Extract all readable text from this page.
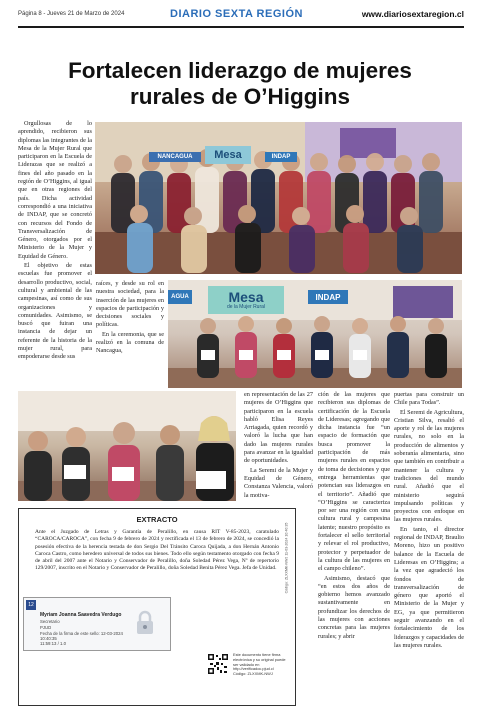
Página 8 - Jueves 21 de Marzo de 2024	DIARIO SEXTA REGIÓN	www.diariosextaregion.cl
Fortalecen liderazgo de mujeres
rurales de O’Higgins
NANCAGUA	Mesa	INDAP
AGUA	Mesa
de la Mujer Rural
INDAP

Orgullosas de lo aprendido, recibieron sus diplomas las integrantes de la Mesa de la Mujer Rural que participaron en la Escuela de Liderazas que se realizó a fines del año pasado en la región de O’Higgins, al igual que en otras regiones del país. Dicha actividad correspondió a una iniciativa de INDAP, que se concretó con recursos del Fondo de Transversalización de Género, otorgados por el Ministerio de la Mujer y Equidad de Género.

El objetivo de estas escuelas fue promover el desarrollo productivo, social, cultural y ambiental de las campesinas, así como de sus organizaciones y comunidades. Asimismo, se buscó que fuiran una instancia de dejar un referente de la historia de la mujer rural, para empoderarse desde sus

raíces, y desde su rol en nuestra sociedad, para la inserción de las mujeres en espacios de participación y decisiones sociales y políticas.

En la ceremonia, que se realizó en la comuna de Nancagua,

en representación de las 27 mujeres de O’Higgins que participaron en la escuela habló Elisa Reyes Arriagada, quien recordó y valoró la lucha que han dado las mujeres rurales para avanzar en la igualdad de oportunidades.

La Seremi de la Mujer y Equidad de Género, Constanza Valencia, valoró la motiva-

ción de las mujeres que recibieron sus diplomas de certificación de la Escuela de Lideresas; agregando que dicha instancia fue “un espacio de formación que busca promover la participación de más mujeres rurales en espacios de toma de decisiones y que entrega herramientas que potencian sus liderazgos en el territorio”. Añadió que “O’Higgins se caracteriza por ser una región con una cultura rural y campesina latente; nuestro propósito es fortalecer el sello territorial y relevar el rol productivo, protector y perpetuador de la cultura de las mujeres en el campo chileno”.

Asimismo, destacó que “en estos dos años de gobierno hemos avanzado sustantivamente en profundizar los derechos de las mujeres con acciones concretas para las mujeres rurales; y abrir

puertas para construir un Chile para Todas”.

El Seremi de Agricultura, Cristian Silva, resaltó el aporte y rol de las mujeres rurales, no solo en la producción de alimentos y soberanía alimentaria, sino que también en contribuir a mantener la cultura y tradiciones del mundo rural. Añadió que el ministerio seguirá impulsando políticas y proyectos con enfoque en las mujeres rurales.

En tanto, el director regional de INDAP, Braulio Moreno, hizo un positivo balance de la Escuela de Lideresas en O’Higgins; a la vez que agradeció los fondos de transversalización de género que aportó el Ministerio de la Mujer y EG, ya que permitieron seguir avanzando en el fortalecimiento de los liderazgos y capacidades de las mujeres rurales.

EXTRACTO
Ante el Juzgado de Letras y Garantía de Peralillo, en causa RIT V-85-2023, caratulado “CAROCA/CAROCA”, con fecha 9 de febrero de 2024 y rectificada el 13 de febrero de 2024, se concedió la posesión efectiva de la herencia testada de don Sergio Del Tránsito Caroca Quijada, a don Hernán Antonio Caroca Castro, como heredero universal de todos sus bienes. Todo ello según testamento otorgado con fecha 9 de abril del 2007 ante el Notario y Conservador de Peralillo, doña Soledad Pérez Vega, Nº de repertorio 129/2007, inscrito en el Notario y Conservador de Peralillo, doña Soledad Benita Pérez Vega. Jefa de Unidad.
12
Myriam Joanna Saavedra Verdugo
Secretario
PJUD
Fecha de la firma de este sello: 12-03-2024 10:40:35
11:59:13 / 1.0
Este documento tiene firma electrónica y su original puede ser validado en http://verificadoc.pjud.cl
Código: ZLXXMK-NWJ
Código: ZLXXMK-NWJ 11-03-2024 10:40:35
